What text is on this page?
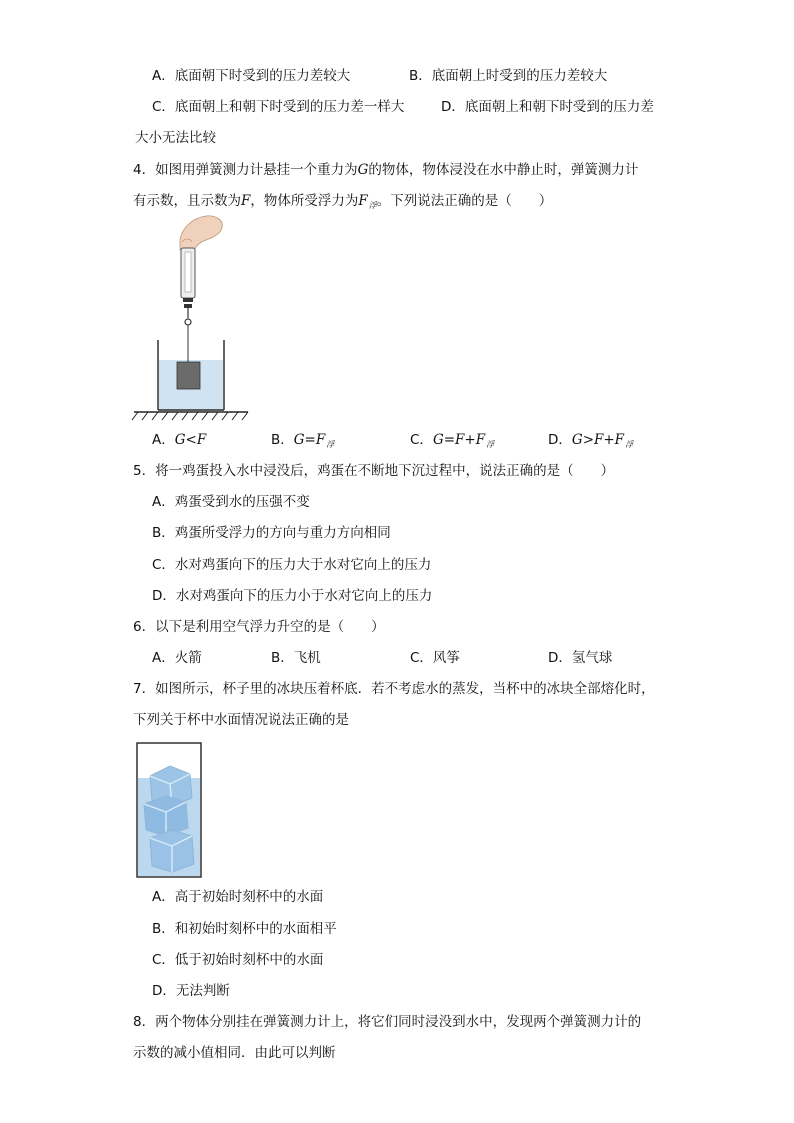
A．底面朝下时受到的压力差较大	B．底面朝上时受到的压力差较大
C．底面朝上和朝下时受到的压力差一样大	D．底面朝上和朝下时受到的压力差
大小无法比较
4．如图用弹簧测力计悬挂一个重力为G的物体，物体浸没在水中静止时，弹簧测力计
有示数，且示数为F，物体所受浮力为$F_浮$。下列说法正确的是（　　）
A．G<F	B．$G=F_浮$	C．$G=F+F_浮$	D．$G>F+F_浮$
5．将一鸡蛋投入水中浸没后，鸡蛋在不断地下沉过程中，说法正确的是（　　）
A．鸡蛋受到水的压强不变
B．鸡蛋所受浮力的方向与重力方向相同
C．水对鸡蛋向下的压力大于水对它向上的压力
D．水对鸡蛋向下的压力小于水对它向上的压力
6．以下是利用空气浮力升空的是（　　）
A．火箭	B．飞机	C．风筝	D．氢气球
7．如图所示，杯子里的冰块压着杯底．若不考虑水的蒸发，当杯中的冰块全部熔化时，
下列关于杯中水面情况说法正确的是
A．高于初始时刻杯中的水面
B．和初始时刻杯中的水面相平
C．低于初始时刻杯中的水面
D．无法判断
8．两个物体分别挂在弹簧测力计上，将它们同时浸没到水中，发现两个弹簧测力计的
示数的减小值相同．由此可以判断
